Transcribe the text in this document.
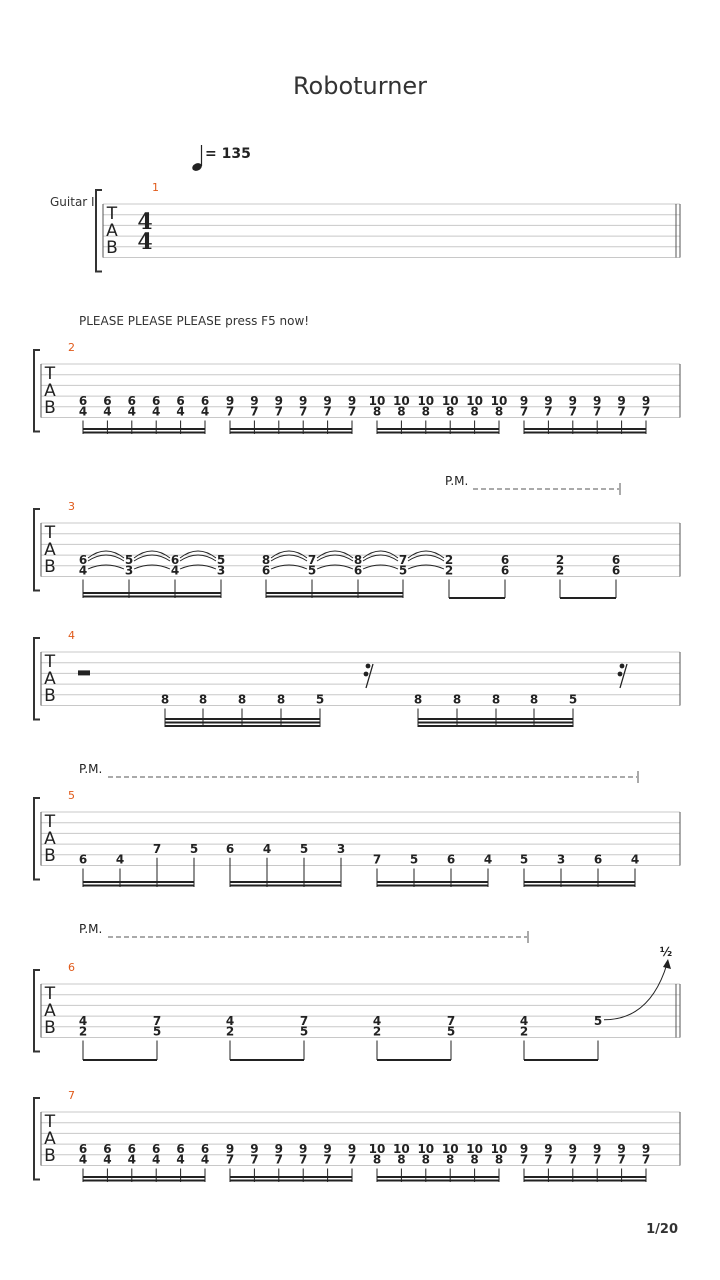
Roboturner
= 135
Guitar I
PLEASE PLEASE PLEASE press F5 now!
T
A
B
4
4
1
T
A
B
2
T
A
B
3
T
A
B
4
T
A
B
5
T
A
B
6
T
A
B
7
6
4
6
4
6
4
6
4
6
4
6
4
9
7
9
7
9
7
9
7
9
7
9
7
10
8
10
8
10
8
10
8
10
8
10
8
9
7
9
7
9
7
9
7
9
7
9
7
6
4
6
4
6
4
6
4
6
4
6
4
9
7
9
7
9
7
9
7
9
7
9
7
10
8
10
8
10
8
10
8
10
8
10
8
9
7
9
7
9
7
9
7
9
7
9
7
6
4
5
3
6
4
5
3
8
6
7
5
8
6
7
5
2
2
6
6
2
2
6
6
P.M.
8 8	8	8	5	8	8	8 8	5
6 4
7 5 6 4 5 3
7 5 6 4 5 3 6 4
P.M.
4
2
7
5
4
2
7
5
4
2
7
5
4
2
5
½
P.M.
1/20
